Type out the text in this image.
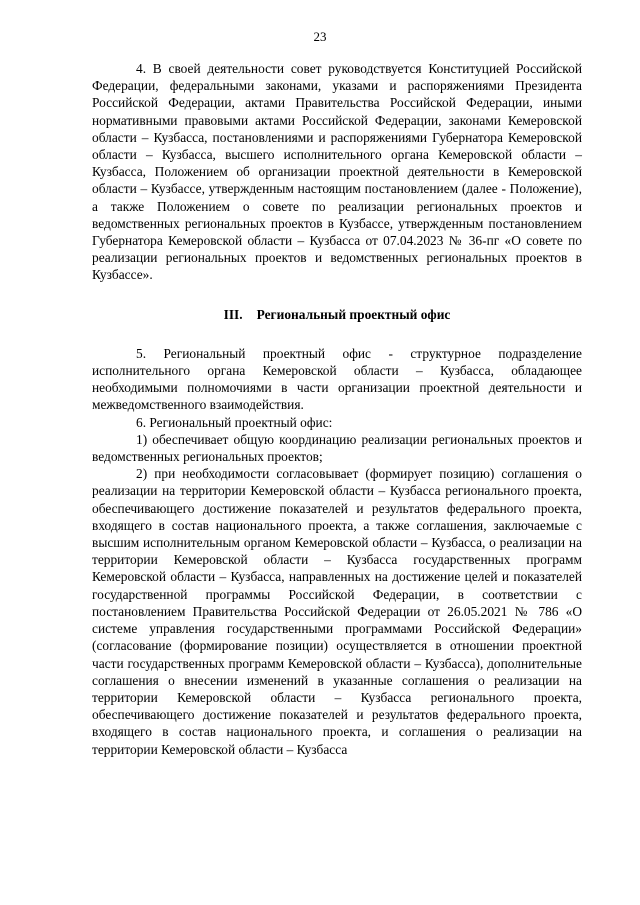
23

4. В своей деятельности совет руководствуется Конституцией Российской Федерации, федеральными законами, указами и распоряжениями Президента Российской Федерации, актами Правительства Российской Федерации, иными нормативными правовыми актами Российской Федерации, законами Кемеровской области – Кузбасса, постановлениями и распоряжениями Губернатора Кемеровской области – Кузбасса, высшего исполнительного органа Кемеровской области – Кузбасса, Положением об организации проектной деятельности в Кемеровской области – Кузбассе, утвержденным настоящим постановлением (далее - Положение), а также Положением о совете по реализации региональных проектов и ведомственных региональных проектов в Кузбассе, утвержденным постановлением Губернатора Кемеровской области – Кузбасса от 07.04.2023 № 36-пг «О совете по реализации региональных проектов и ведомственных региональных проектов в Кузбассе».

III. Региональный проектный офис

5. Региональный проектный офис - структурное подразделение исполнительного органа Кемеровской области – Кузбасса, обладающее необходимыми полномочиями в части организации проектной деятельности и межведомственного взаимодействия.

6. Региональный проектный офис:

1) обеспечивает общую координацию реализации региональных проектов и ведомственных региональных проектов;

2) при необходимости согласовывает (формирует позицию) соглашения о реализации на территории Кемеровской области – Кузбасса регионального проекта, обеспечивающего достижение показателей и результатов федерального проекта, входящего в состав национального проекта, а также соглашения, заключаемые с высшим исполнительным органом Кемеровской области – Кузбасса, о реализации на территории Кемеровской области – Кузбасса государственных программ Кемеровской области – Кузбасса, направленных на достижение целей и показателей государственной программы Российской Федерации, в соответствии с постановлением Правительства Российской Федерации от 26.05.2021 № 786 «О системе управления государственными программами Российской Федерации» (согласование (формирование позиции) осуществляется в отношении проектной части государственных программ Кемеровской области – Кузбасса), дополнительные соглашения о внесении изменений в указанные соглашения о реализации на территории Кемеровской области – Кузбасса регионального проекта, обеспечивающего достижение показателей и результатов федерального проекта, входящего в состав национального проекта, и соглашения о реализации на территории Кемеровской области – Кузбасса
